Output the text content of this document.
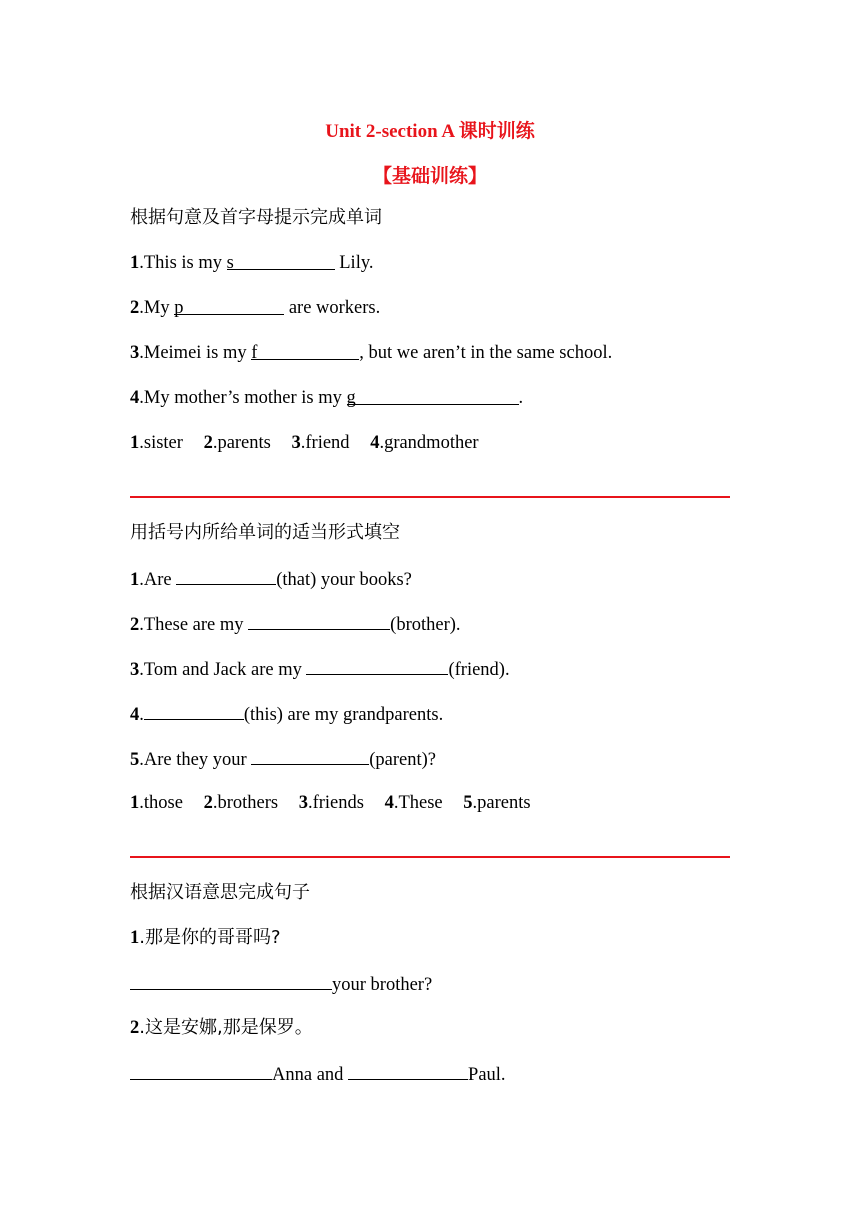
Unit 2-section A 课时训练
【基础训练】
根据句意及首字母提示完成单词
1.This is my s	Lily.
2.My p	are workers.
3.Meimei is my f	, but we aren’t in the same school.
4.My mother’s mother is my g	.
1.sister 2.parents 3.friend 4.grandmother
用括号内所给单词的适当形式填空
1.Are	(that) your books?
2.These are my	(brother).
3.Tom and Jack are my	(friend).
4.	(this) are my grandparents.
5.Are they your	(parent)?
1.those 2.brothers 3.friends 4.These 5.parents
根据汉语意思完成句子
1.那是你的哥哥吗?
your brother?
2.这是安娜,那是保罗。
Anna and	Paul.
